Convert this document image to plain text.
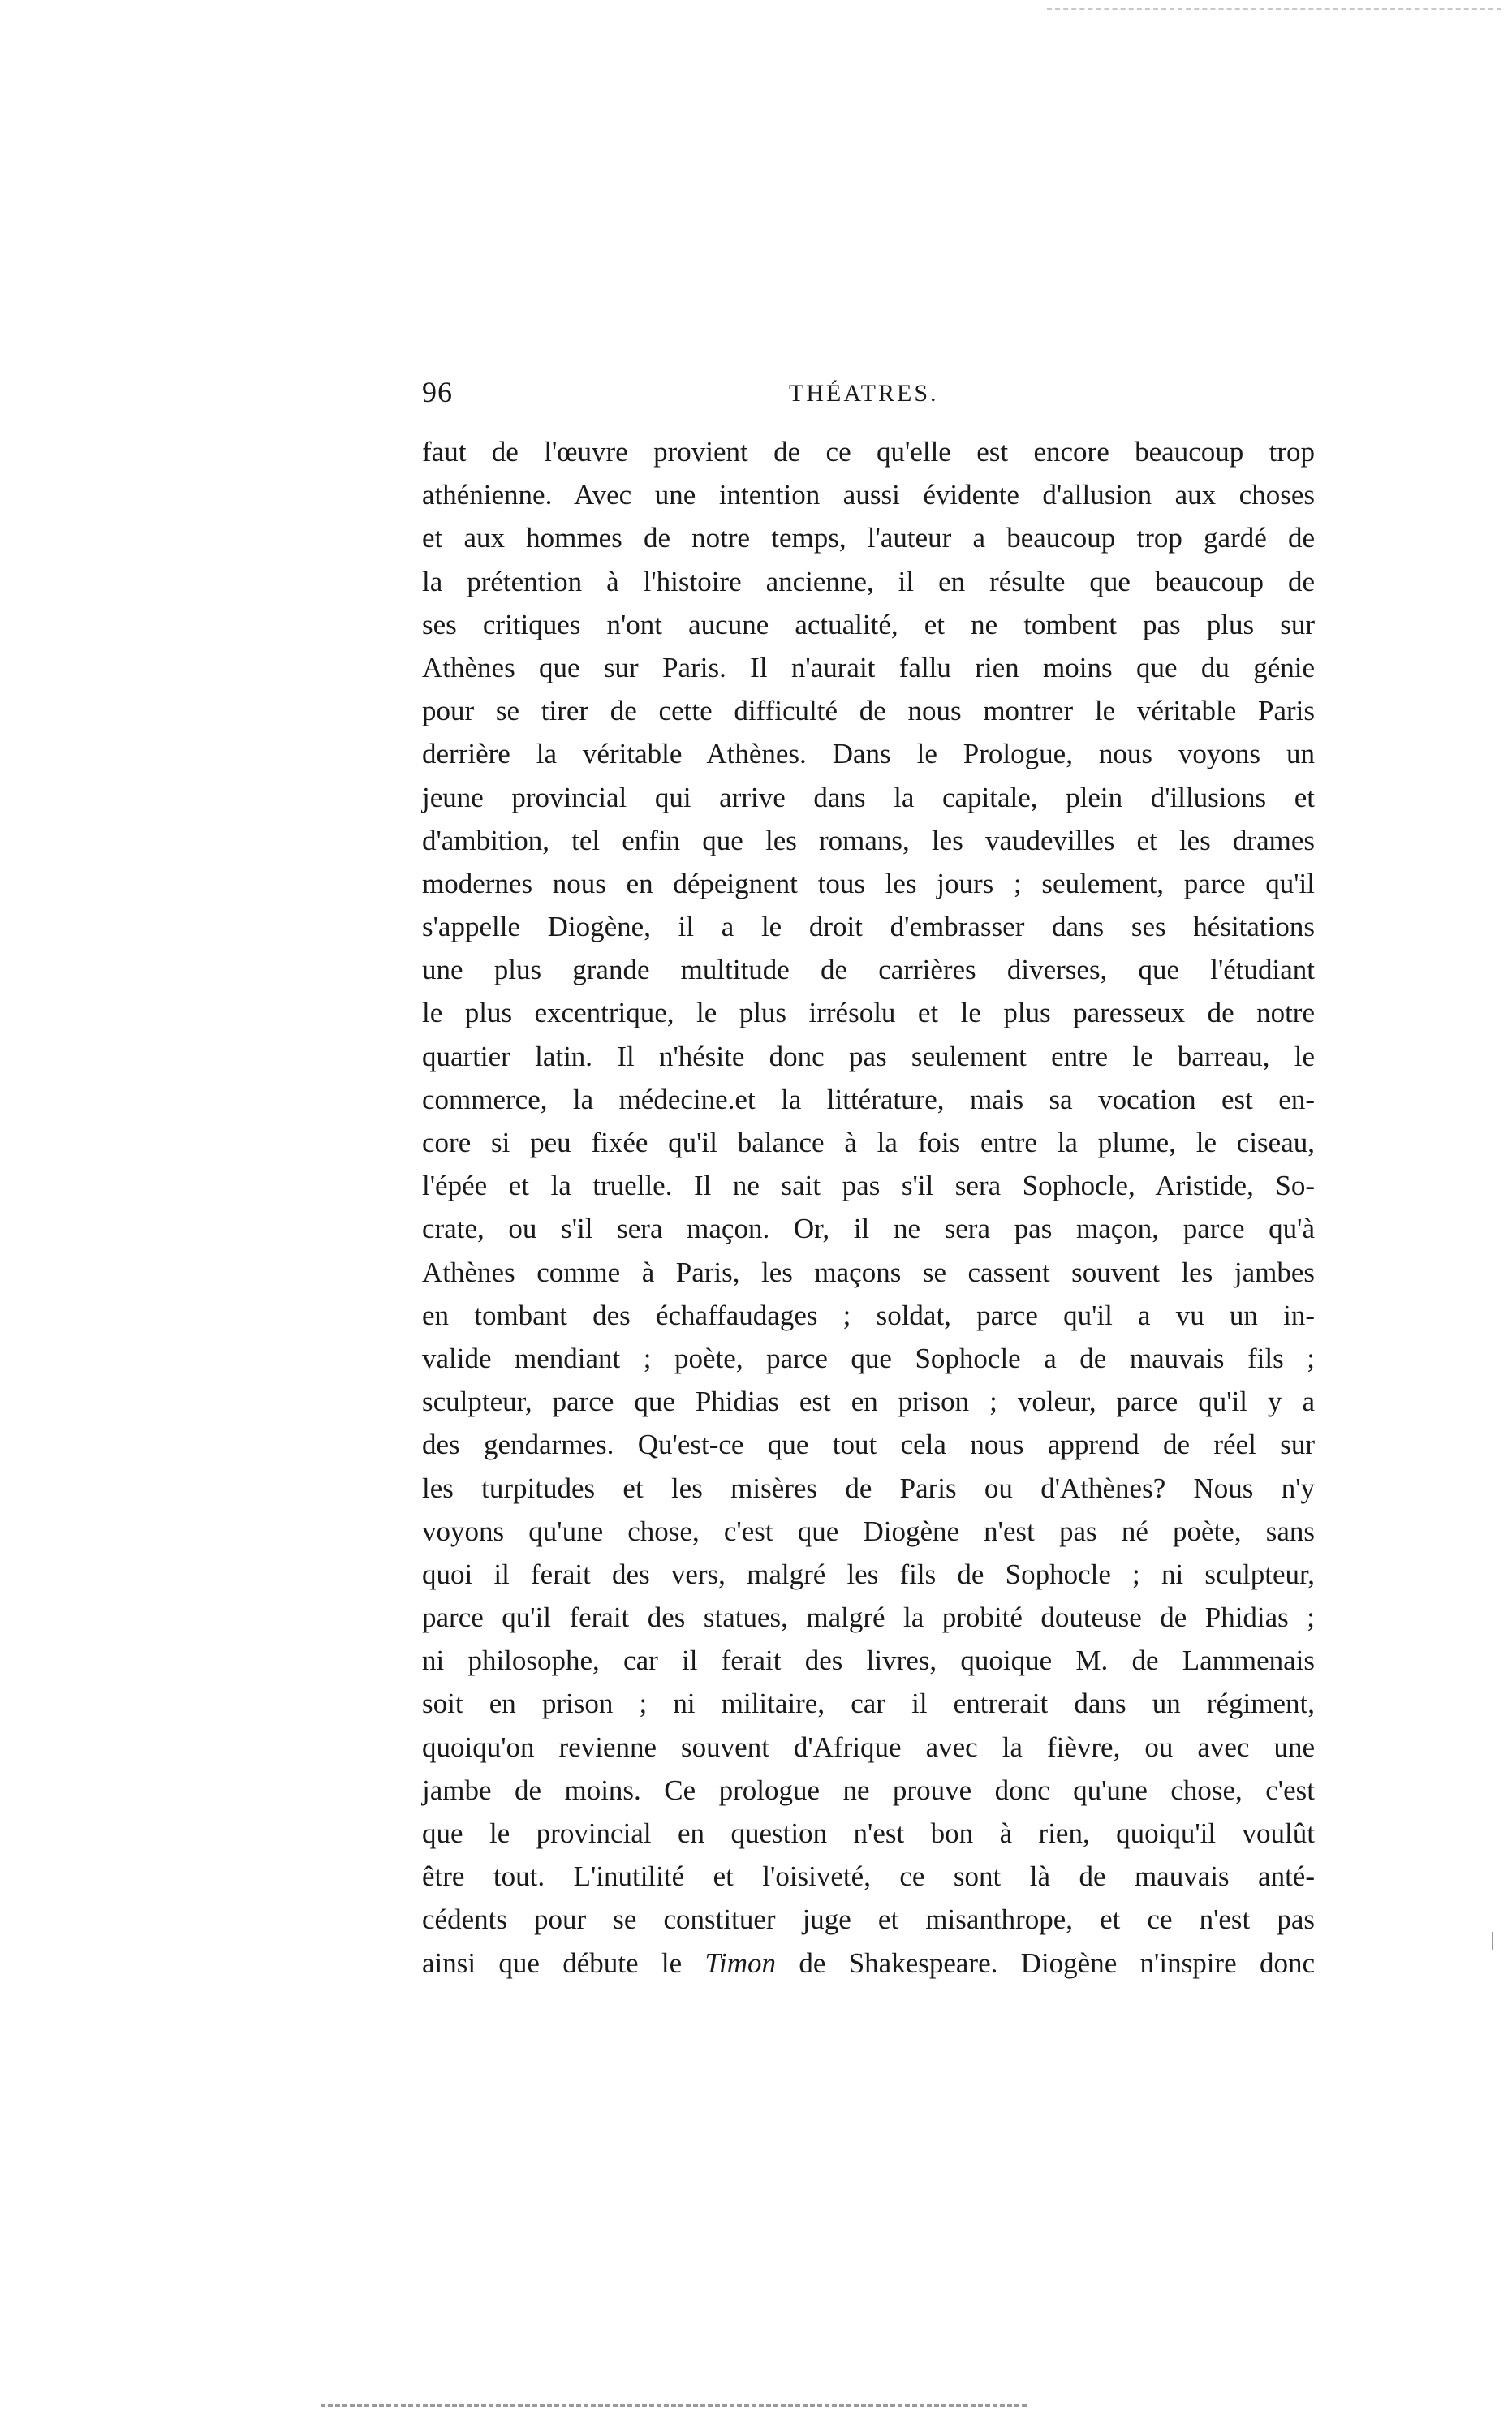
96	THÉATRES.
faut de l'œuvre provient de ce qu'elle est encore beaucoup trop
athénienne. Avec une intention aussi évidente d'allusion aux choses
et aux hommes de notre temps, l'auteur a beaucoup trop gardé de
la prétention à l'histoire ancienne, il en résulte que beaucoup de
ses critiques n'ont aucune actualité, et ne tombent pas plus sur
Athènes que sur Paris. Il n'aurait fallu rien moins que du génie
pour se tirer de cette difficulté de nous montrer le véritable Paris
derrière la véritable Athènes. Dans le Prologue, nous voyons un
jeune provincial qui arrive dans la capitale, plein d'illusions et
d'ambition, tel enfin que les romans, les vaudevilles et les drames
modernes nous en dépeignent tous les jours ; seulement, parce qu'il
s'appelle Diogène, il a le droit d'embrasser dans ses hésitations
une plus grande multitude de carrières diverses, que l'étudiant
le plus excentrique, le plus irrésolu et le plus paresseux de notre
quartier latin. Il n'hésite donc pas seulement entre le barreau, le
commerce, la médecine.et la littérature, mais sa vocation est en-
core si peu fixée qu'il balance à la fois entre la plume, le ciseau,
l'épée et la truelle. Il ne sait pas s'il sera Sophocle, Aristide, So-
crate, ou s'il sera maçon. Or, il ne sera pas maçon, parce qu'à
Athènes comme à Paris, les maçons se cassent souvent les jambes
en tombant des échaffaudages ; soldat, parce qu'il a vu un in-
valide mendiant ; poète, parce que Sophocle a de mauvais fils ;
sculpteur, parce que Phidias est en prison ; voleur, parce qu'il y a
des gendarmes. Qu'est-ce que tout cela nous apprend de réel sur
les turpitudes et les misères de Paris ou d'Athènes? Nous n'y
voyons qu'une chose, c'est que Diogène n'est pas né poète, sans
quoi il ferait des vers, malgré les fils de Sophocle ; ni sculpteur,
parce qu'il ferait des statues, malgré la probité douteuse de Phidias ;
ni philosophe, car il ferait des livres, quoique M. de Lammenais
soit en prison ; ni militaire, car il entrerait dans un régiment,
quoiqu'on revienne souvent d'Afrique avec la fièvre, ou avec une
jambe de moins. Ce prologue ne prouve donc qu'une chose, c'est
que le provincial en question n'est bon à rien, quoiqu'il voulût
être tout. L'inutilité et l'oisiveté, ce sont là de mauvais anté-
cédents pour se constituer juge et misanthrope, et ce n'est pas
ainsi que débute le Timon de Shakespeare. Diogène n'inspire donc
